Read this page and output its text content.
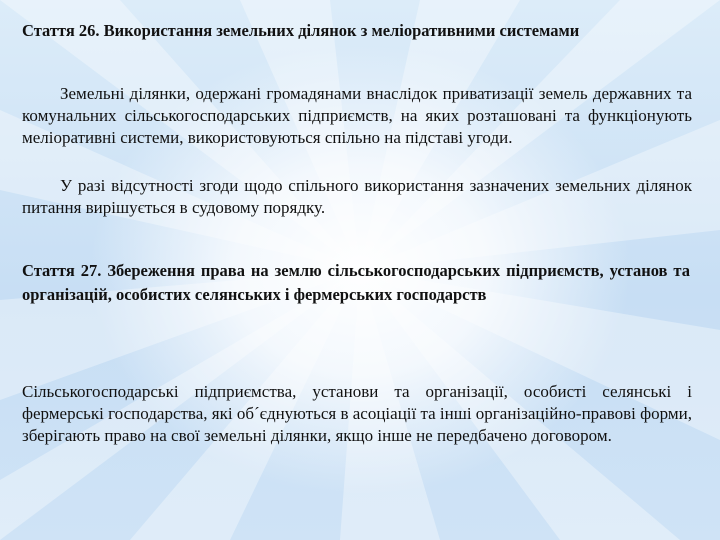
Стаття 26. Використання земельних ділянок з меліоративними системами

Земельні ділянки, одержані громадянами внаслідок приватизації земель державних та комунальних сільськогосподарських підприємств, на яких розташовані та функціонують меліоративні системи, використовуються спільно на підставі угоди.

У разі відсутності згоди щодо спільного використання зазначених земельних ділянок питання вирішується в судовому порядку.

Стаття 27. Збереження права на землю сільськогосподарських підприємств, установ та організацій, особистих селянських і фермерських господарств

Сільськогосподарські підприємства, установи та організації, особисті селянські і фермерські господарства, які об´єднуються в асоціації та інші організаційно-правові форми, зберігають право на свої земельні ділянки, якщо інше не передбачено договором.
